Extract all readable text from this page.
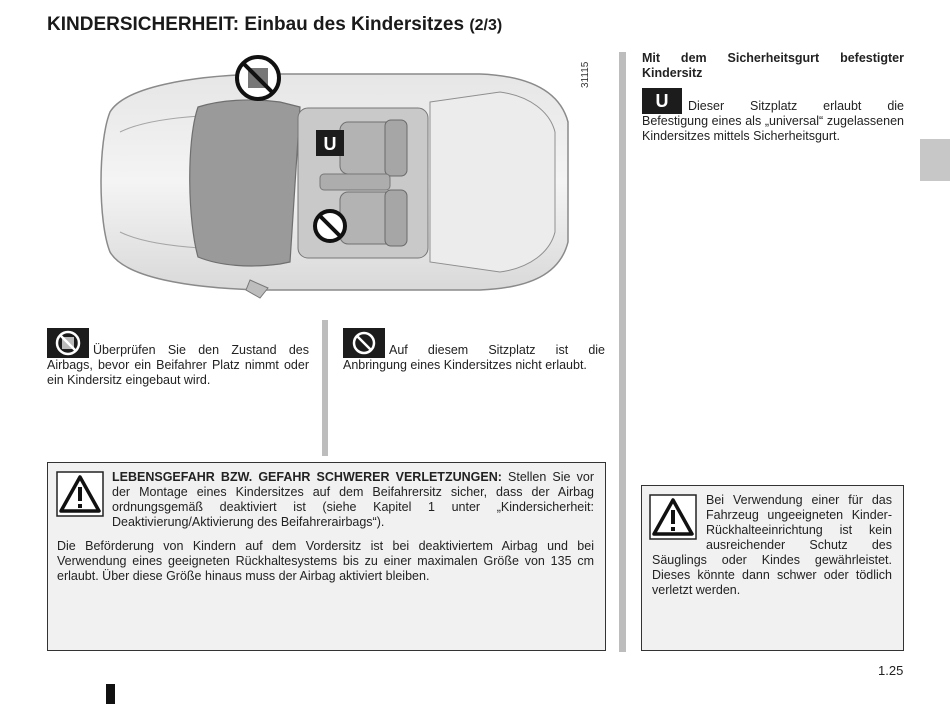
KINDERSICHERHEIT: Einbau des Kindersitzes (2/3)
U
31115
Überprüfen Sie den Zustand des Airbags, bevor ein Beifahrer Platz nimmt oder ein Kindersitz eingebaut wird.
Auf diesem Sitzplatz ist die Anbringung eines Kindersitzes nicht erlaubt.
Mit dem Sicherheitsgurt befestigter Kindersitz
U Dieser Sitzplatz erlaubt die Befestigung eines als „universal“ zugelassenen Kindersitzes mittels Sicherheitsgurt.
LEBENSGEFAHR BZW. GEFAHR SCHWERER VERLETZUNGEN: Stellen Sie vor der Montage eines Kindersitzes auf dem Beifahrersitz sicher, dass der Airbag ordnungsgemäß deaktiviert ist (siehe Kapitel 1 unter „Kindersicherheit: Deaktivierung/Aktivierung des Beifahrerairbags“).
Die Beförderung von Kindern auf dem Vordersitz ist bei deaktiviertem Airbag und bei Verwendung eines geeigneten Rückhaltesystems bis zu einer maximalen Größe von 135 cm erlaubt. Über diese Größe hinaus muss der Airbag aktiviert bleiben.
Bei Verwendung einer für das Fahrzeug ungeeigneten Kinder-Rückhalteeinrichtung ist kein ausreichender Schutz des Säuglings oder Kindes gewährleistet. Dieses könnte dann schwer oder tödlich verletzt werden.
1.25
